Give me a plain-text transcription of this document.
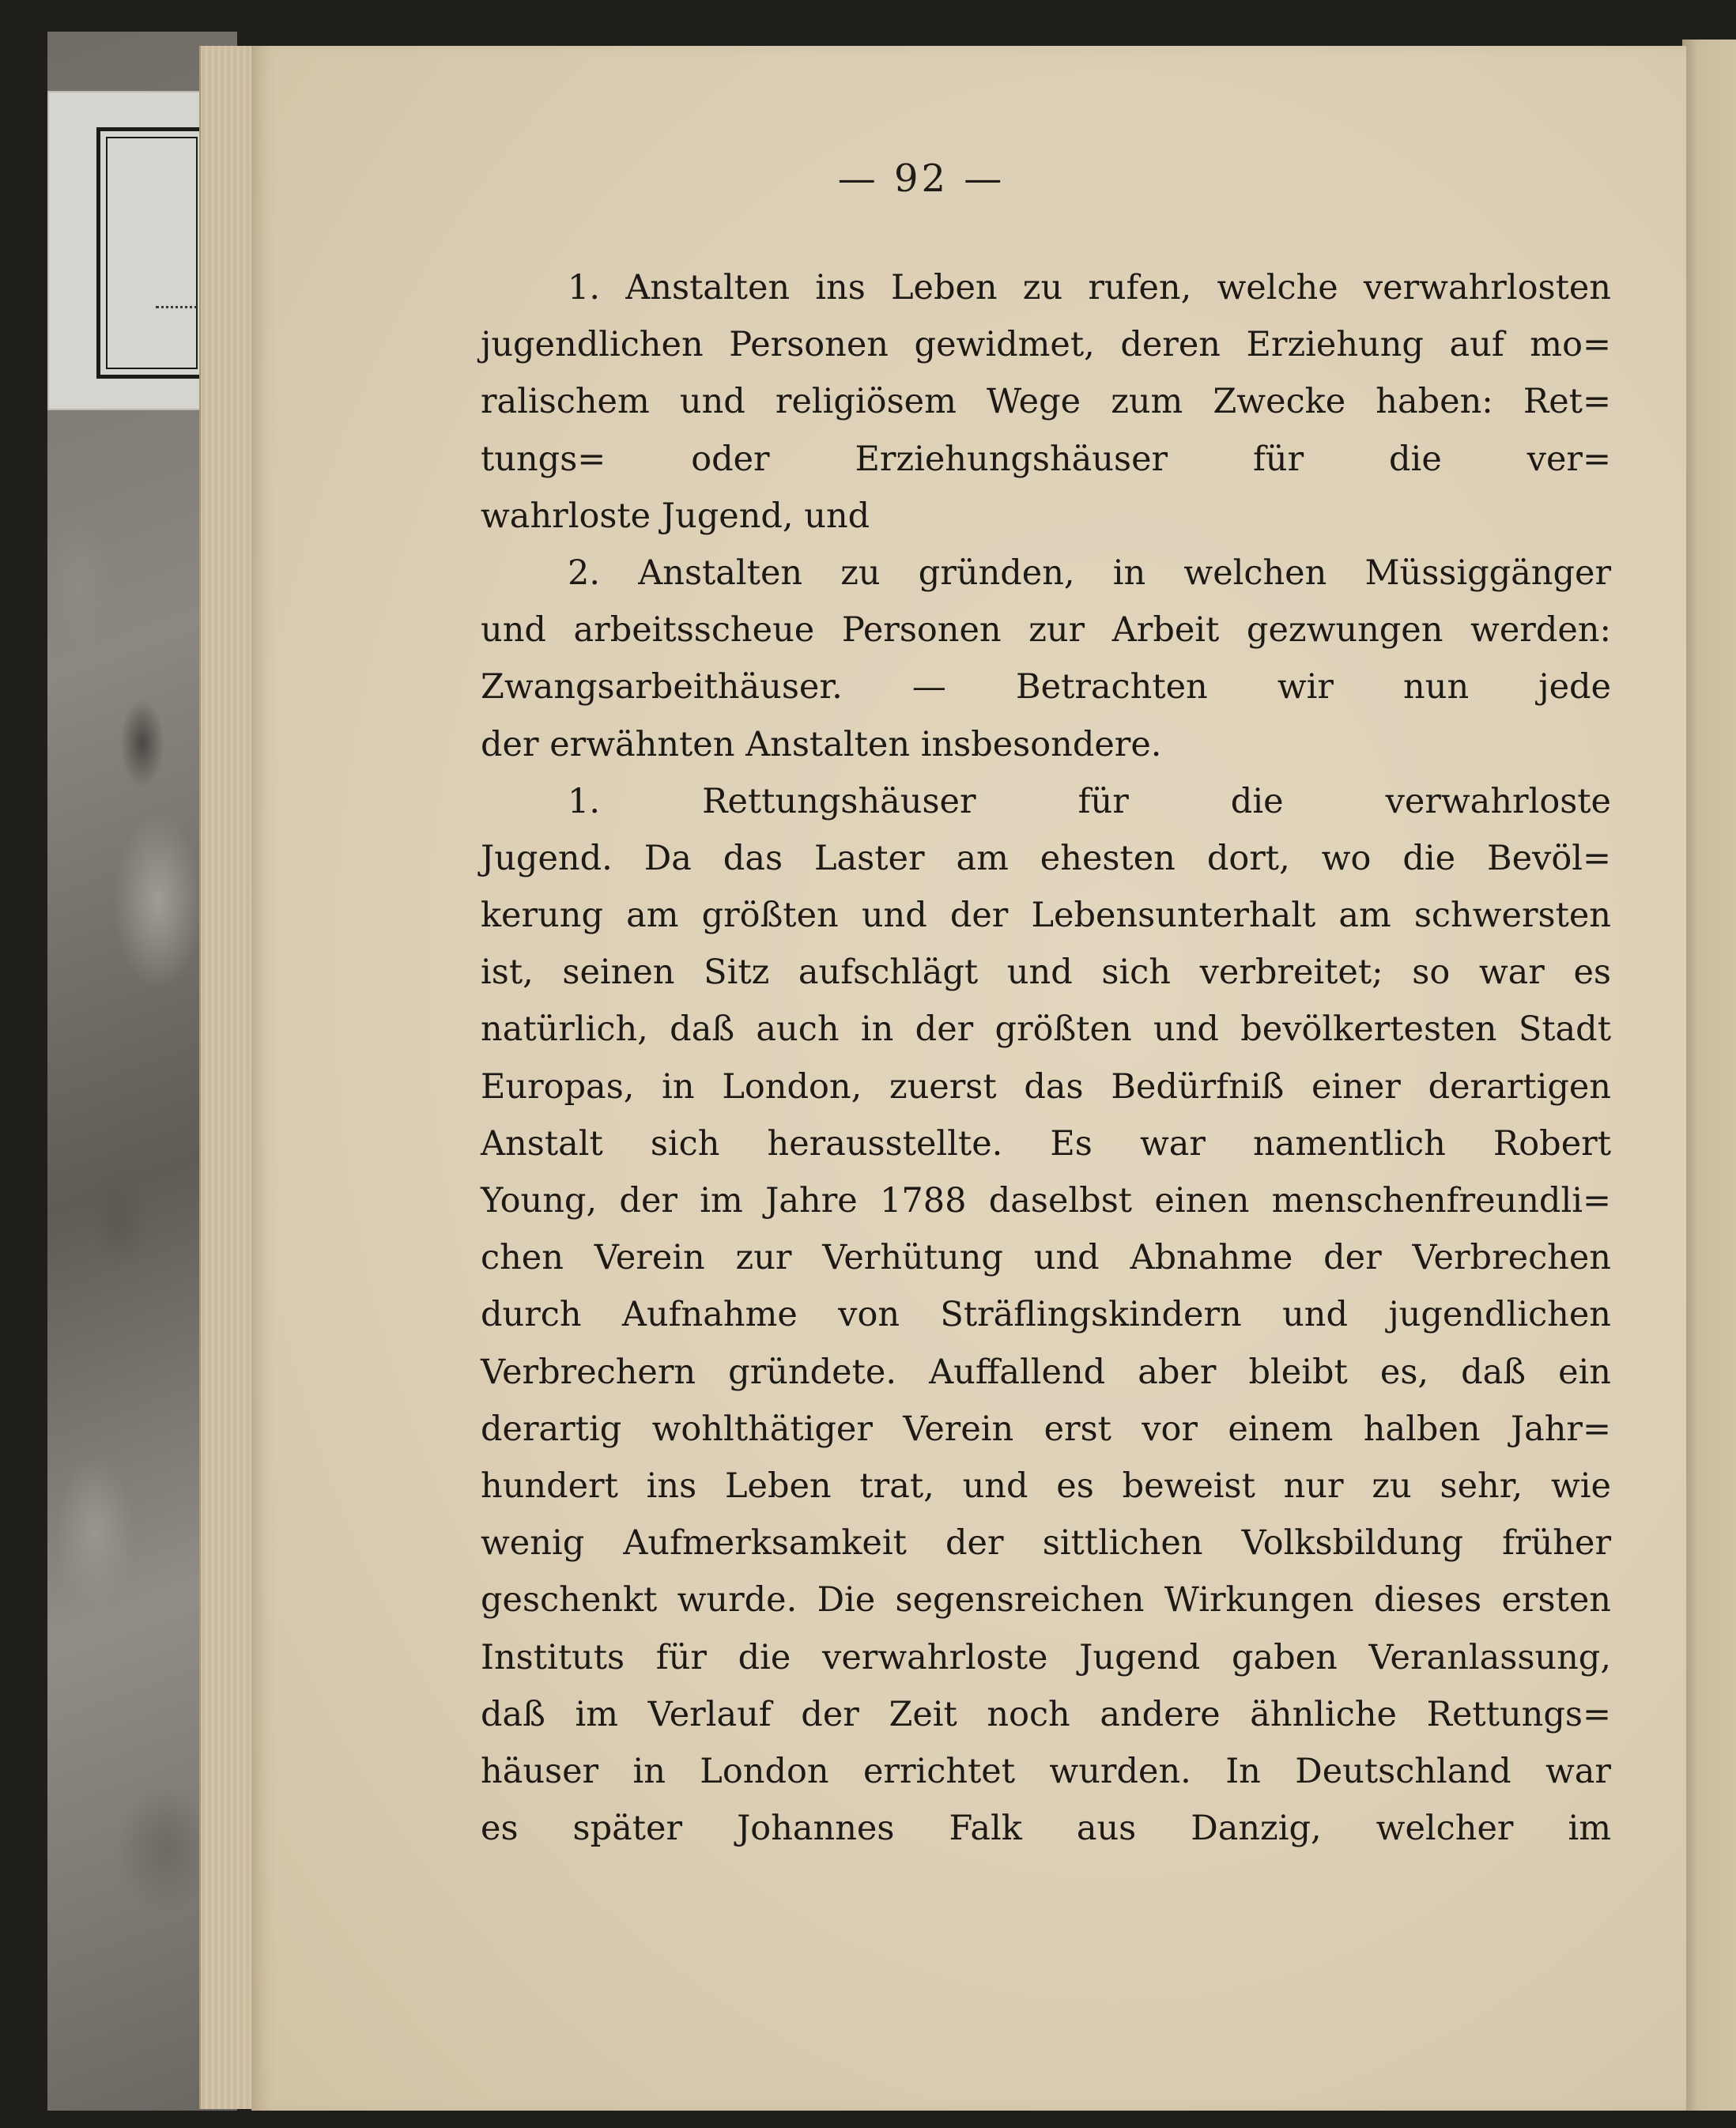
— 92 —
1. Anstalten ins Leben zu rufen, welche verwahrlosten
jugendlichen Personen gewidmet, deren Erziehung auf mo=
ralischem und religiösem Wege zum Zwecke haben: Ret=
tungs= oder Erziehungshäuser für die ver=
wahrloste Jugend, und
2. Anstalten zu gründen, in welchen Müssiggänger
und arbeitsscheue Personen zur Arbeit gezwungen werden:
Zwangsarbeithäuser. — Betrachten wir nun jede
der erwähnten Anstalten insbesondere.
1. Rettungshäuser für die verwahrloste
Jugend. Da das Laster am ehesten dort, wo die Bevöl=
kerung am größten und der Lebensunterhalt am schwersten
ist, seinen Sitz aufschlägt und sich verbreitet; so war es
natürlich, daß auch in der größten und bevölkertesten Stadt
Europas, in London, zuerst das Bedürfniß einer derartigen
Anstalt sich herausstellte. Es war namentlich Robert
Young, der im Jahre 1788 daselbst einen menschenfreundli=
chen Verein zur Verhütung und Abnahme der Verbrechen
durch Aufnahme von Sträflingskindern und jugendlichen
Verbrechern gründete. Auffallend aber bleibt es, daß ein
derartig wohlthätiger Verein erst vor einem halben Jahr=
hundert ins Leben trat, und es beweist nur zu sehr, wie
wenig Aufmerksamkeit der sittlichen Volksbildung früher
geschenkt wurde. Die segensreichen Wirkungen dieses ersten
Instituts für die verwahrloste Jugend gaben Veranlassung,
daß im Verlauf der Zeit noch andere ähnliche Rettungs=
häuser in London errichtet wurden. In Deutschland war
es später Johannes Falk aus Danzig, welcher im
